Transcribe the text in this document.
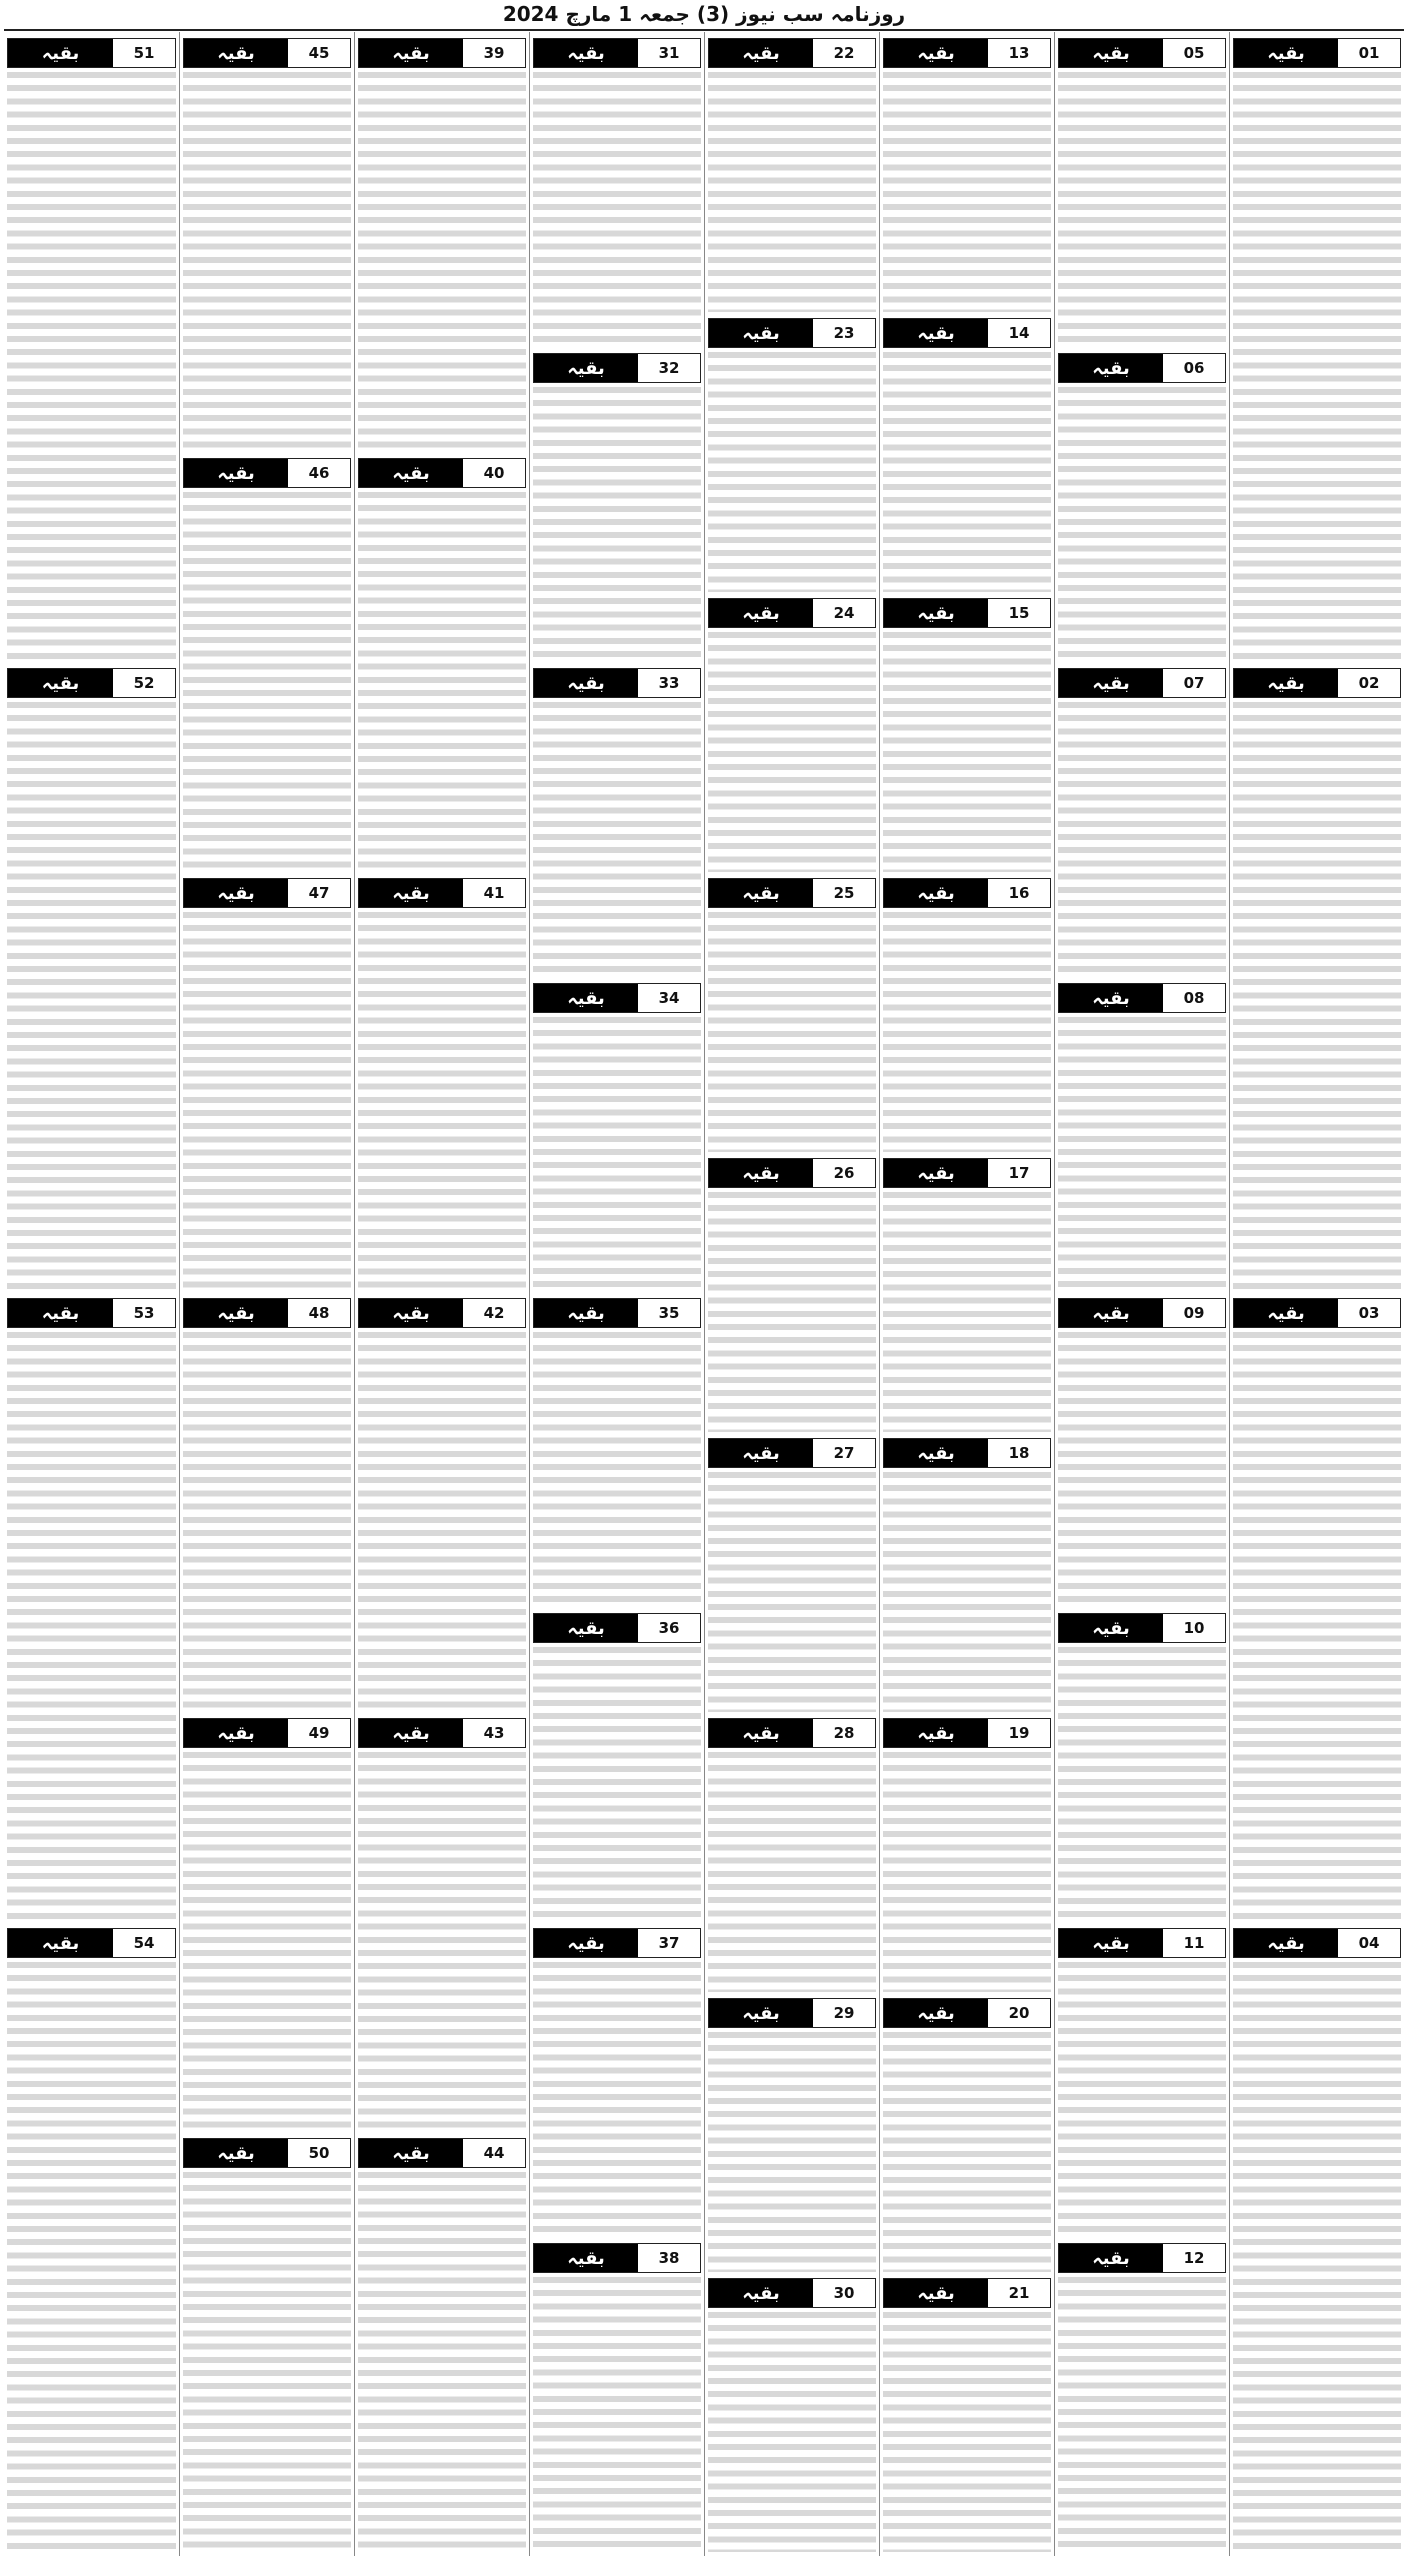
روزنامہ سب نیوز (3) جمعہ 1 مارچ 2024
بقیہ	01
بقیہ	02
بقیہ	03
بقیہ	04
بقیہ	05
بقیہ	06
بقیہ	07
بقیہ	08
بقیہ	09
بقیہ	10
بقیہ	11
بقیہ	12
بقیہ	13
بقیہ	14
بقیہ	15
بقیہ	16
بقیہ	17
بقیہ	18
بقیہ	19
بقیہ	20
بقیہ	21
بقیہ	22
بقیہ	23
بقیہ	24
بقیہ	25
بقیہ	26
بقیہ	27
بقیہ	28
بقیہ	29
بقیہ	30
بقیہ	31
بقیہ	32
بقیہ	33
بقیہ	34
بقیہ	35
بقیہ	36
بقیہ	37
بقیہ	38
بقیہ	39
بقیہ	40
بقیہ	41
بقیہ	42
بقیہ	43
بقیہ	44
بقیہ	45
بقیہ	46
بقیہ	47
بقیہ	48
بقیہ	49
بقیہ	50
بقیہ	51
بقیہ	52
بقیہ	53
بقیہ	54
